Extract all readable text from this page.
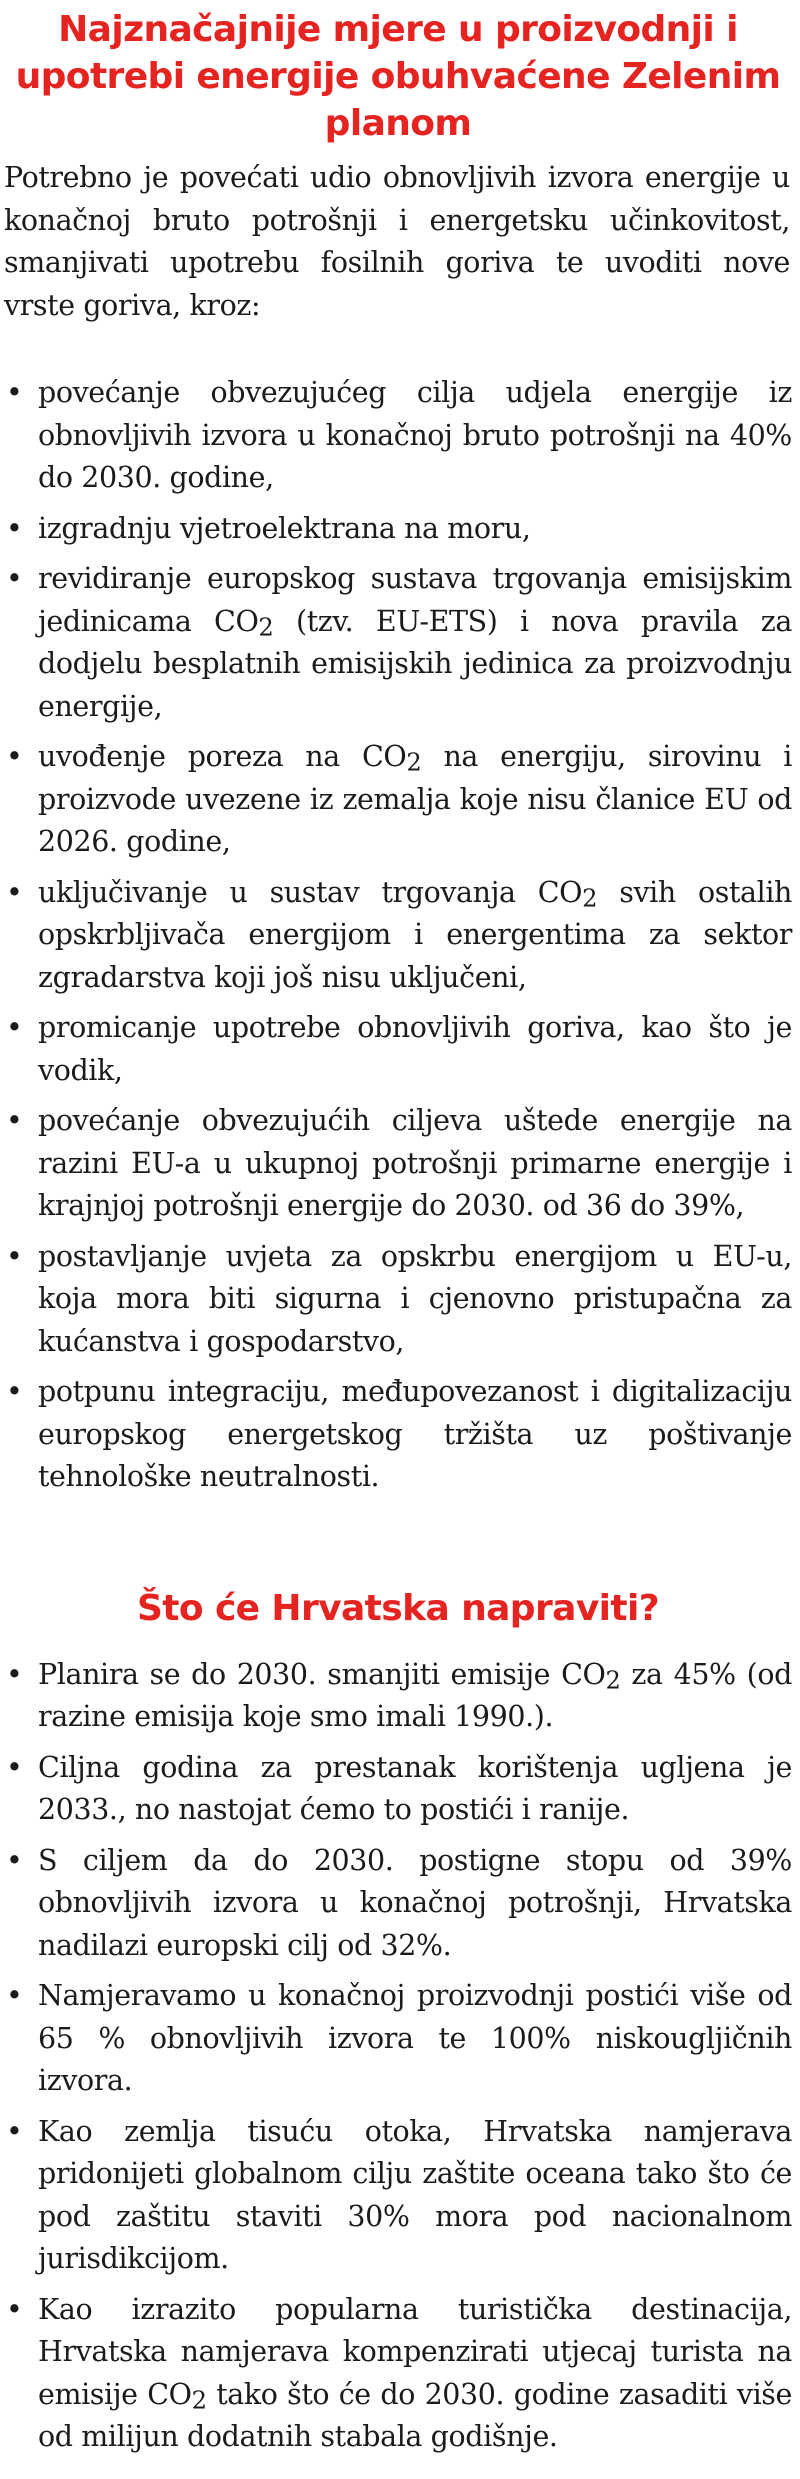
Najznačajnije mjere u proizvodnji i upotrebi energije obuhvaćene Zelenim planom

Potrebno je povećati udio obnovljivih izvora energije u konačnoj bruto potrošnji i energetsku učinkovitost, smanjivati upotrebu fosilnih goriva te uvoditi nove vrste goriva, kroz:

• povećanje obvezujućeg cilja udjela energije iz obnovljivih izvora u konačnoj bruto potrošnji na 40% do 2030. godine,
• izgradnju vjetroelektrana na moru,
• revidiranje europskog sustava trgovanja emisijskim jedinicama $CO_2$ (tzv. EU-ETS) i nova pravila za dodjelu besplatnih emisijskih jedinica za proizvodnju energije,
• uvođenje poreza na $CO_2$ na energiju, sirovinu i proizvode uvezene iz zemalja koje nisu članice EU od 2026. godine,
• uključivanje u sustav trgovanja $CO_2$ svih ostalih opskrbljivača energijom i energentima za sektor zgradarstva koji još nisu uključeni,
• promicanje upotrebe obnovljivih goriva, kao što je vodik,
• povećanje obvezujućih ciljeva uštede energije na razini EU-a u ukupnoj potrošnji primarne energije i krajnjoj potrošnji energije do 2030. od 36 do 39%,
• postavljanje uvjeta za opskrbu energijom u EU-u, koja mora biti sigurna i cjenovno pristupačna za kućanstva i gospodarstvo,
• potpunu integraciju, međupovezanost i digitalizaciju europskog energetskog tržišta uz poštivanje tehnološke neutralnosti.
Što će Hrvatska napraviti?
• Planira se do 2030. smanjiti emisije $CO_2$ za 45% (od razine emisija koje smo imali 1990.).
• Ciljna godina za prestanak korištenja ugljena je 2033., no nastojat ćemo to postići i ranije.
• S ciljem da do 2030. postigne stopu od 39% obnovljivih izvora u konačnoj potrošnji, Hrvatska nadilazi europski cilj od 32%.
• Namjeravamo u konačnoj proizvodnji postići više od 65 % obnovljivih izvora te 100% niskougljičnih izvora.
• Kao zemlja tisuću otoka, Hrvatska namjerava pridonijeti globalnom cilju zaštite oceana tako što će pod zaštitu staviti 30% mora pod nacionalnom jurisdikcijom.
• Kao izrazito popularna turistička destinacija, Hrvatska namjerava kompenzirati utjecaj turista na emisije $CO_2$ tako što će do 2030. godine zasaditi više od milijun dodatnih stabala godišnje.
